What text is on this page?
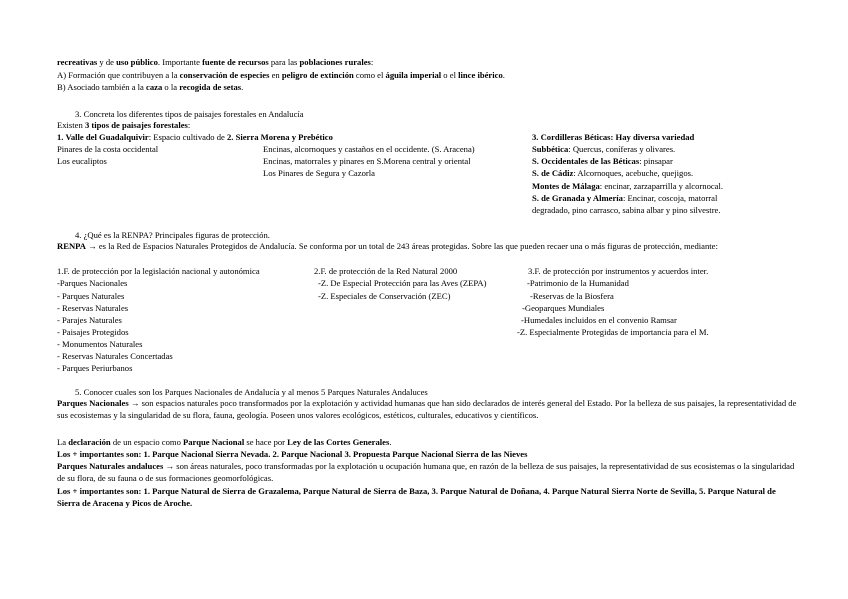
recreativas y de uso público. Importante fuente de recursos para las poblaciones rurales:
A) Formación que contribuyen a la conservación de especies en peligro de extinción como el águila imperial o el lince ibérico.
B) Asociado también a la caza o la recogida de setas.
3. Concreta los diferentes tipos de paisajes forestales en Andalucía
Existen 3 tipos de paisajes forestales:
1. Valle del Guadalquivir: Espacio cultivado de 2. Sierra Morena y Prebético
Pinares de la costa occidental
Los eucaliptos
Encinas, alcornoques y castaños en el occidente. (S. Aracena)
Encinas, matorrales y pinares en S.Morena central y oriental
Los Pinares de Segura y Cazorla
3. Cordilleras Béticas: Hay diversa variedad
Subbética: Quercus, coníferas y olivares.
S. Occidentales de las Béticas: pinsapar
S. de Cádiz: Alcornoques, acebuche, quejigos.
Montes de Málaga: encinar, zarzaparrilla y alcornocal.
S. de Granada y Almería: Encinar, coscoja, matorral
degradado, pino carrasco, sabina albar y pino silvestre.
4. ¿Qué es la RENPA? Principales figuras de protección.
RENPA → es la Red de Espacios Naturales Protegidos de Andalucía. Se conforma por un total de 243 áreas protegidas. Sobre las que pueden recaer una o más figuras de protección, mediante:
1.F. de protección por la legislación nacional y autonómica
-Parques Nacionales
- Parques Naturales
- Reservas Naturales
- Parajes Naturales
- Paisajes Protegidos
- Monumentos Naturales
- Reservas Naturales Concertadas
- Parques Periurbanos
2.F. de protección de la Red Natural 2000
-Z. De Especial Protección para las Aves (ZEPA)
-Z. Especiales de Conservación (ZEC)
3.F. de protección por instrumentos y acuerdos inter.
-Patrimonio de la Humanidad
-Reservas de la Biosfera
-Geoparques Mundiales
-Humedales incluidos en el convenio Ramsar
-Z. Especialmente Protegidas de importancia para el M.
5. Conocer cuales son los Parques Nacionales de Andalucía y al menos 5 Parques Naturales Andaluces
Parques Nacionales → son espacios naturales poco transformados por la explotación y actividad humanas que han sido declarados de interés general del Estado. Por la belleza de sus paisajes, la representatividad de sus ecosistemas y la singularidad de su flora, fauna, geología. Poseen unos valores ecológicos, estéticos, culturales, educativos y científicos.
La declaración de un espacio como Parque Nacional se hace por Ley de las Cortes Generales.
Los + importantes son: 1. Parque Nacional Sierra Nevada. 2. Parque Nacional 3. Propuesta Parque Nacional Sierra de las Nieves
Parques Naturales andaluces → son áreas naturales, poco transformadas por la explotación u ocupación humana que, en razón de la belleza de sus paisajes, la representatividad de sus ecosistemas o la singularidad de su flora, de su fauna o de sus formaciones geomorfológicas.
Los + importantes son: 1. Parque Natural de Sierra de Grazalema, Parque Natural de Sierra de Baza, 3. Parque Natural de Doñana, 4. Parque Natural Sierra Norte de Sevilla, 5. Parque Natural de Sierra de Aracena y Picos de Aroche.
